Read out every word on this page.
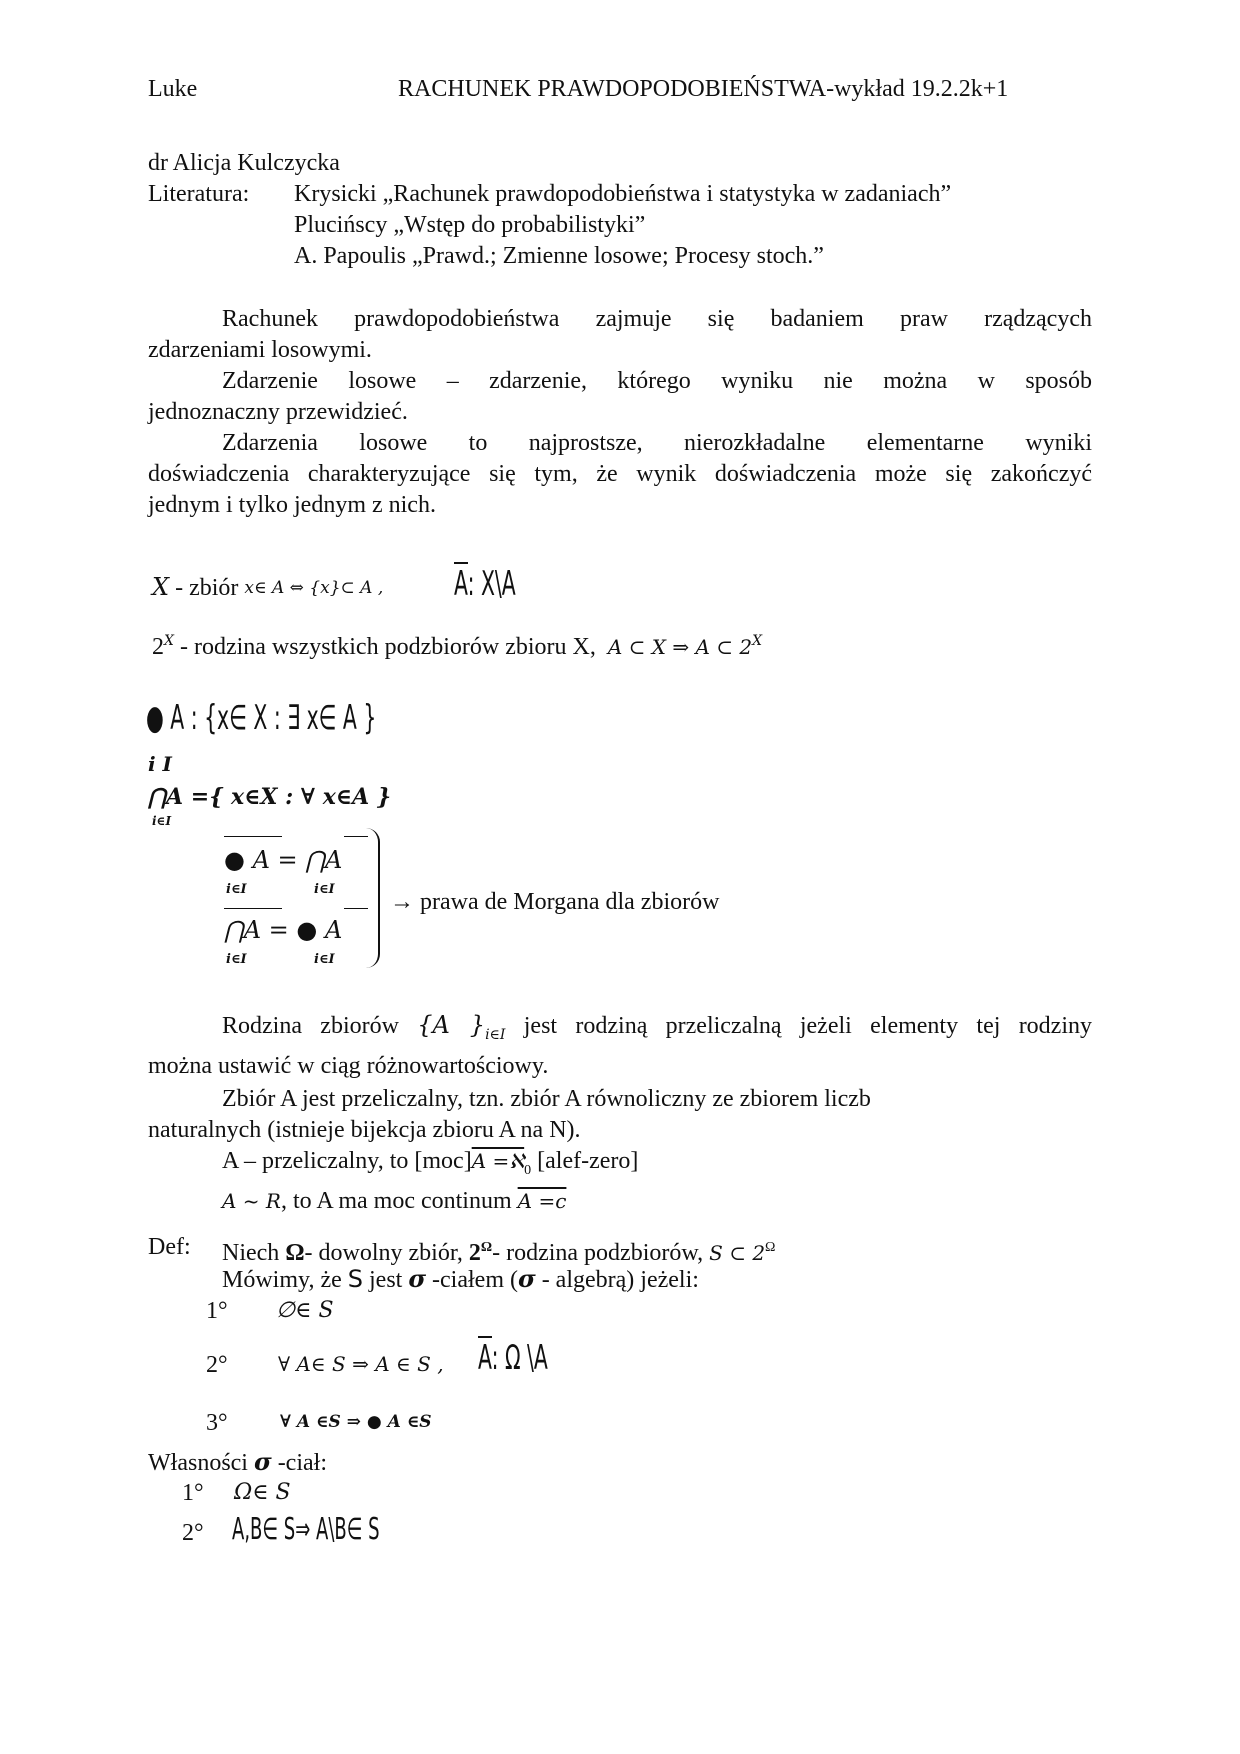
Luke	RACHUNEK PRAWDOPODOBIEŃSTWA-wykład 19.2.2k+1
dr Alicja Kulczycka
Literatura: Krysicki „Rachunek prawdopodobieństwa i statystyka w zadaniach”
Plucińscy „Wstęp do probabilistyki”
A. Papoulis „Prawd.; Zmienne losowe; Procesy stoch.”

Rachunek prawdopodobieństwa zajmuje się badaniem praw rządzących

zdarzeniami losowymi.

Zdarzenie losowe – zdarzenie, którego wyniku nie można w sposób

jednoznaczny przewidzieć.

Zdarzenia losowe to najprostsze, nierozkładalne elementarne wyniki

doświadczenia charakteryzujące się tym, że wynik doświadczenia może się zakończyć

jednym i tylko jednym z nich.

X - zbiór x∈ A ⇔ {x}⊂ A , A: X\A
$2^X$ - rodzina wszystkich podzbiorów zbioru X, A ⊂ X ⇒ A ⊂ $2^X$
● A : {x∈ X : ∃ x∈ A }
i I
⋂A ={ x∈X : ∀ x∈A }
i∈I
● A = ⋂A
i∈I	i∈I
⋂A = ● A
i∈I	i∈I
→ prawa de Morgana dla zbiorów

Rodzina zbiorów {A }$_{i\in I}$ jest rodziną przeliczalną jeżeli elementy tej rodziny

można ustawić w ciąg różnowartościowy.

Zbiór A jest przeliczalny, tzn. zbiór A równoliczny ze zbiorem liczb

naturalnych (istnieje bijekcja zbioru A na N).

A – przeliczalny, to [moc]A =ℵ$_0$ [alef-zero]

A ~ R, to A ma moc continum A =c

Def: Niech Ω- dowolny zbiór, $2^\Omega-$ rodzina podzbiorów, S ⊂ $2^\Omega$
Mówimy, że S jest σ -ciałem (σ - algebrą) jeżeli:
1° ∅∈ S
2°	∀ A∈ S ⇒ A ∈ S , A: Ω \A
3°	∀ A ∈S ⇒ ● A ∈S
Własności σ -ciał:
1° Ω∈ S
2° A,B∈ S⇒ A\B∈ S
